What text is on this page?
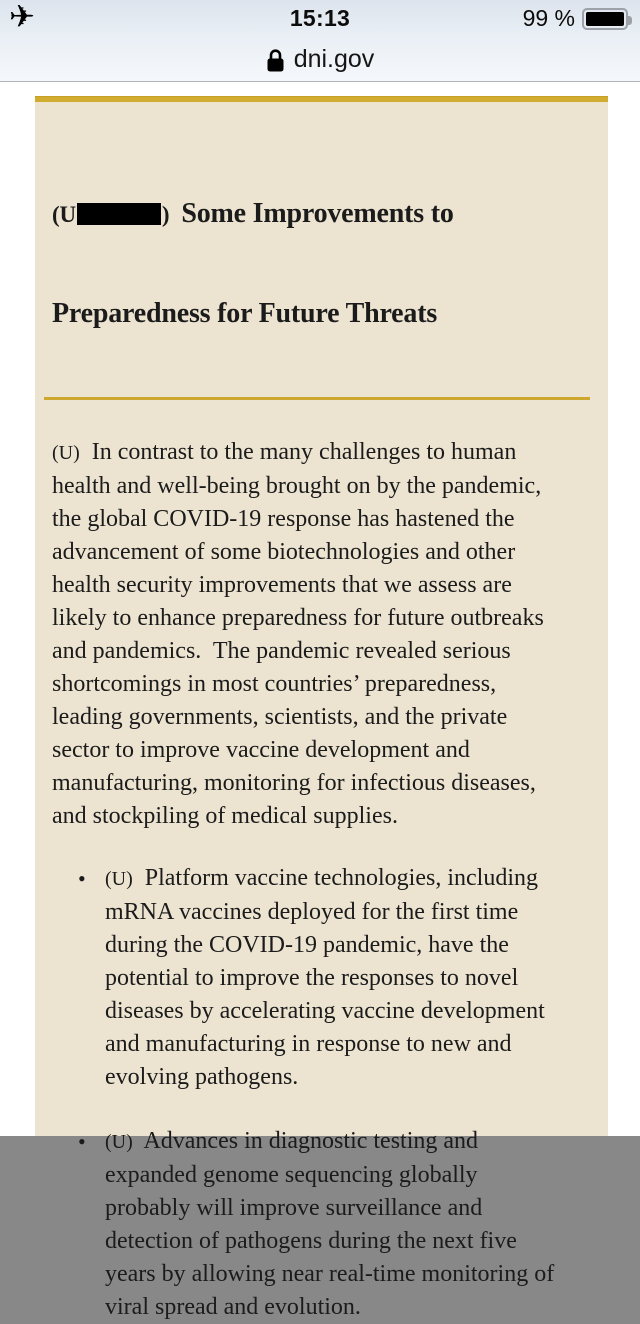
✈	15:13	99 %
dni.gov

(U	) Some Improvements to

Preparedness for Future Threats

(U)  In contrast to the many challenges to human
health and well-being brought on by the pandemic,
the global COVID-19 response has hastened the
advancement of some biotechnologies and other
health security improvements that we assess are
likely to enhance preparedness for future outbreaks
and pandemics.  The pandemic revealed serious
shortcomings in most countries’ preparedness,
leading governments, scientists, and the private
sector to improve vaccine development and
manufacturing, monitoring for infectious diseases,
and stockpiling of medical supplies.
• (U)  Platform vaccine technologies, including
mRNA vaccines deployed for the first time
during the COVID-19 pandemic, have the
potential to improve the responses to novel
diseases by accelerating vaccine development
and manufacturing in response to new and
evolving pathogens.
• (U)  Advances in diagnostic testing and
expanded genome sequencing globally
probably will improve surveillance and
detection of pathogens during the next five
years by allowing near real-time monitoring of
viral spread and evolution.
